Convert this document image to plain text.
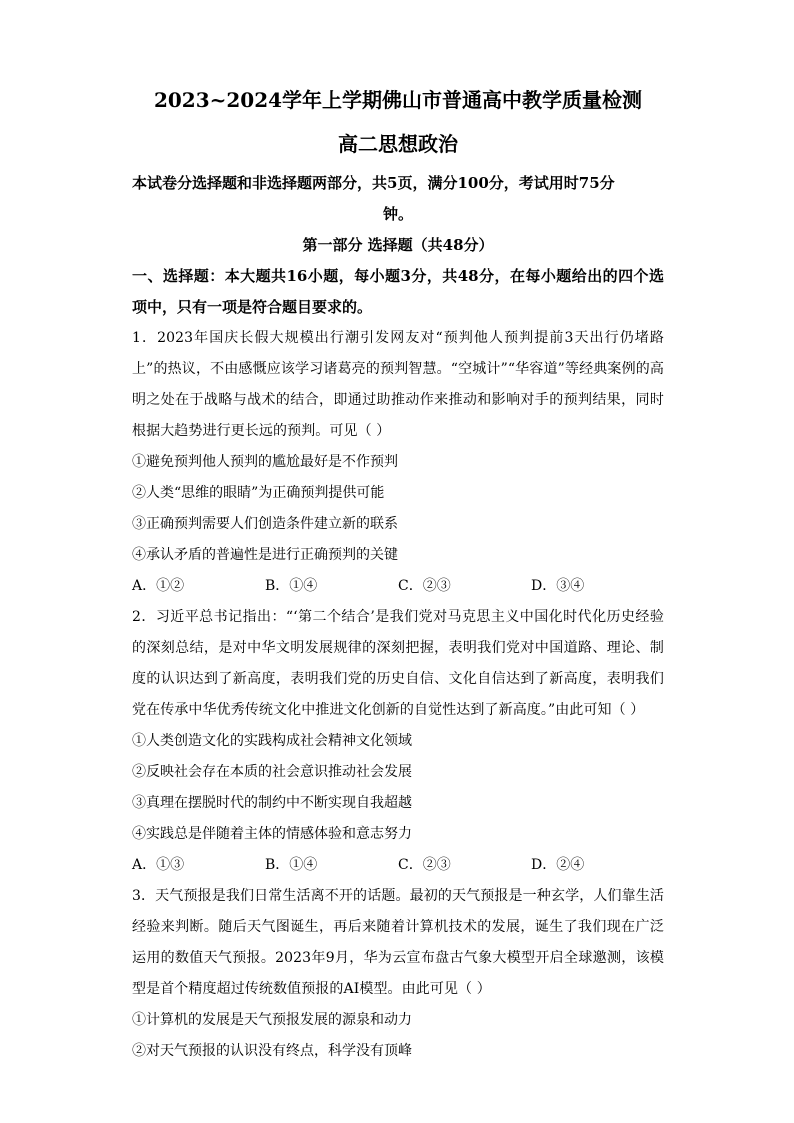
2023~2024学年上学期佛山市普通高中教学质量检测

高二思想政治

本试卷分选择题和非选择题两部分，共5页，满分100分，考试用时75分
钟。

第一部分 选择题（共48分）

一、选择题：本大题共16小题，每小题3分，共48分，在每小题给出的四个选项中，只有一项是符合题目要求的。

1．2023年国庆长假大规模出行潮引发网友对“预判他人预判提前3天出行仍堵路上”的热议，不由感慨应该学习诸葛亮的预判智慧。“空城计”“华容道”等经典案例的高明之处在于战略与战术的结合，即通过助推动作来推动和影响对手的预判结果，同时根据大趋势进行更长远的预判。可见（ ）

①避免预判他人预判的尴尬最好是不作预判

②人类“思维的眼睛”为正确预判提供可能

③正确预判需要人们创造条件建立新的联系

④承认矛盾的普遍性是进行正确预判的关键

A．①②	B．①④	C．②③	D．③④

2．习近平总书记指出：“‘第二个结合’是我们党对马克思主义中国化时代化历史经验的深刻总结，是对中华文明发展规律的深刻把握，表明我们党对中国道路、理论、制度的认识达到了新高度，表明我们党的历史自信、文化自信达到了新高度，表明我们党在传承中华优秀传统文化中推进文化创新的自觉性达到了新高度。”由此可知（ ）

①人类创造文化的实践构成社会精神文化领域

②反映社会存在本质的社会意识推动社会发展

③真理在摆脱时代的制约中不断实现自我超越

④实践总是伴随着主体的情感体验和意志努力

A．①③	B．①④	C．②③	D．②④

3．天气预报是我们日常生活离不开的话题。最初的天气预报是一种玄学，人们靠生活经验来判断。随后天气图诞生，再后来随着计算机技术的发展，诞生了我们现在广泛运用的数值天气预报。2023年9月，华为云宣布盘古气象大模型开启全球邀测，该模型是首个精度超过传统数值预报的AI模型。由此可见（ ）

①计算机的发展是天气预报发展的源泉和动力

②对天气预报的认识没有终点，科学没有顶峰
